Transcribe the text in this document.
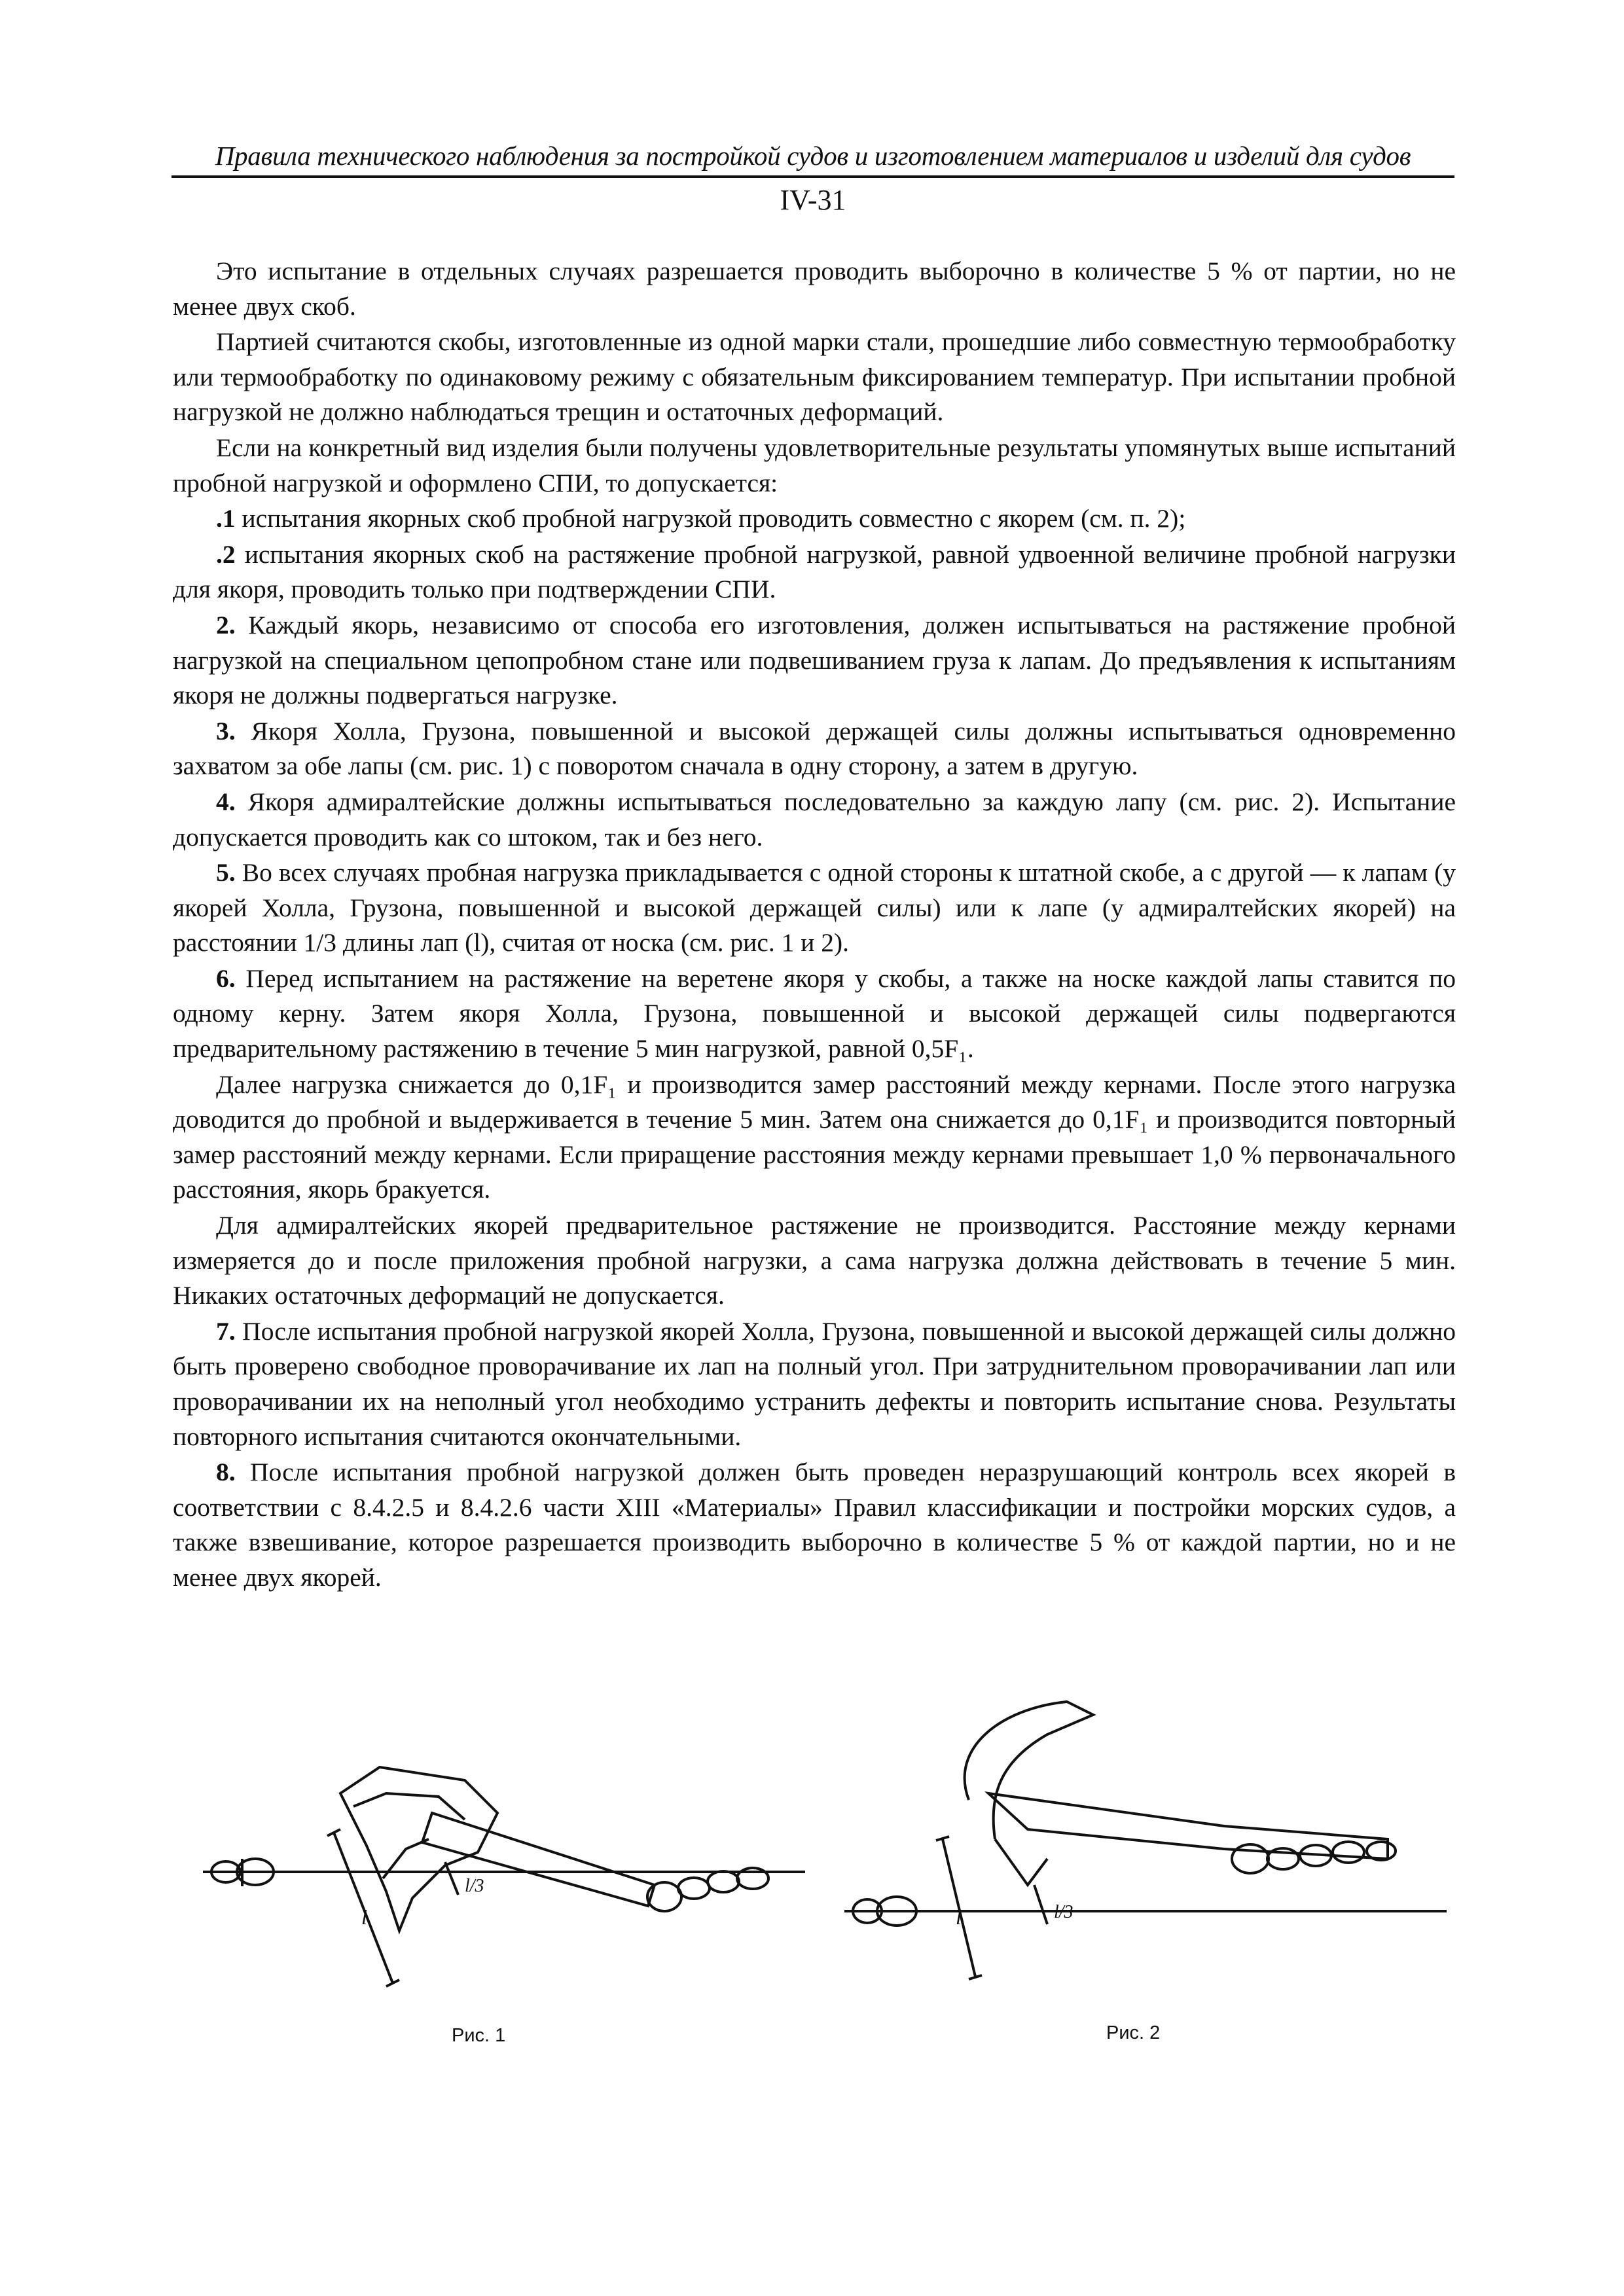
Правила технического наблюдения за постройкой судов и изготовлением материалов и изделий для судов
IV-31

Это испытание в отдельных случаях разрешается проводить выборочно в количестве 5 % от партии, но не менее двух скоб.

Партией считаются скобы, изготовленные из одной марки стали, прошедшие либо совместную термообработку или термообработку по одинаковому режиму с обязательным фиксированием температур. При испытании пробной нагрузкой не должно наблюдаться трещин и остаточных деформаций.

Если на конкретный вид изделия были получены удовлетворительные результаты упомянутых выше испытаний пробной нагрузкой и оформлено СПИ, то допускается:

.1 испытания якорных скоб пробной нагрузкой проводить совместно с якорем (см. п. 2);

.2 испытания якорных скоб на растяжение пробной нагрузкой, равной удвоенной величине пробной нагрузки для якоря, проводить только при подтверждении СПИ.

2. Каждый якорь, независимо от способа его изготовления, должен испытываться на растяжение пробной нагрузкой на специальном цепопробном стане или подвешиванием груза к лапам. До предъявления к испытаниям якоря не должны подвергаться нагрузке.

3. Якоря Холла, Грузона, повышенной и высокой держащей силы должны испытываться одновременно захватом за обе лапы (см. рис. 1) с поворотом сначала в одну сторону, а затем в другую.

4. Якоря адмиралтейские должны испытываться последовательно за каждую лапу (см. рис. 2). Испытание допускается проводить как со штоком, так и без него.

5. Во всех случаях пробная нагрузка прикладывается с одной стороны к штатной скобе, а с другой — к лапам (у якорей Холла, Грузона, повышенной и высокой держащей силы) или к лапе (у адмиралтейских якорей) на расстоянии 1/3 длины лап (l), считая от носка (см. рис. 1 и 2).

6. Перед испытанием на растяжение на веретене якоря у скобы, а также на носке каждой лапы ставится по одному керну. Затем якоря Холла, Грузона, повышенной и высокой держащей силы подвергаются предварительному растяжению в течение 5 мин нагрузкой, равной 0,5F₁.

Далее нагрузка снижается до 0,1F₁ и производится замер расстояний между кернами. После этого нагрузка доводится до пробной и выдерживается в течение 5 мин. Затем она снижается до 0,1F₁ и производится повторный замер расстояний между кернами. Если приращение расстояния между кернами превышает 1,0 % первоначального расстояния, якорь бракуется.

Для адмиралтейских якорей предварительное растяжение не производится. Расстояние между кернами измеряется до и после приложения пробной нагрузки, а сама нагрузка должна действовать в течение 5 мин. Никаких остаточных деформаций не допускается.

7. После испытания пробной нагрузкой якорей Холла, Грузона, повышенной и высокой держащей силы должно быть проверено свободное проворачивание их лап на полный угол. При затруднительном проворачивании лап или проворачивании их на неполный угол необходимо устранить дефекты и повторить испытание снова. Результаты повторного испытания считаются окончательными.

8. После испытания пробной нагрузкой должен быть проведен неразрушающий контроль всех якорей в соответствии с 8.4.2.5 и 8.4.2.6 части XIII «Материалы» Правил классификации и постройки морских судов, а также взвешивание, которое разрешается производить выборочно в количестве 5 % от каждой партии, но и не менее двух якорей.

l
l/3
Рис. 1
l	l/3
Рис. 2
